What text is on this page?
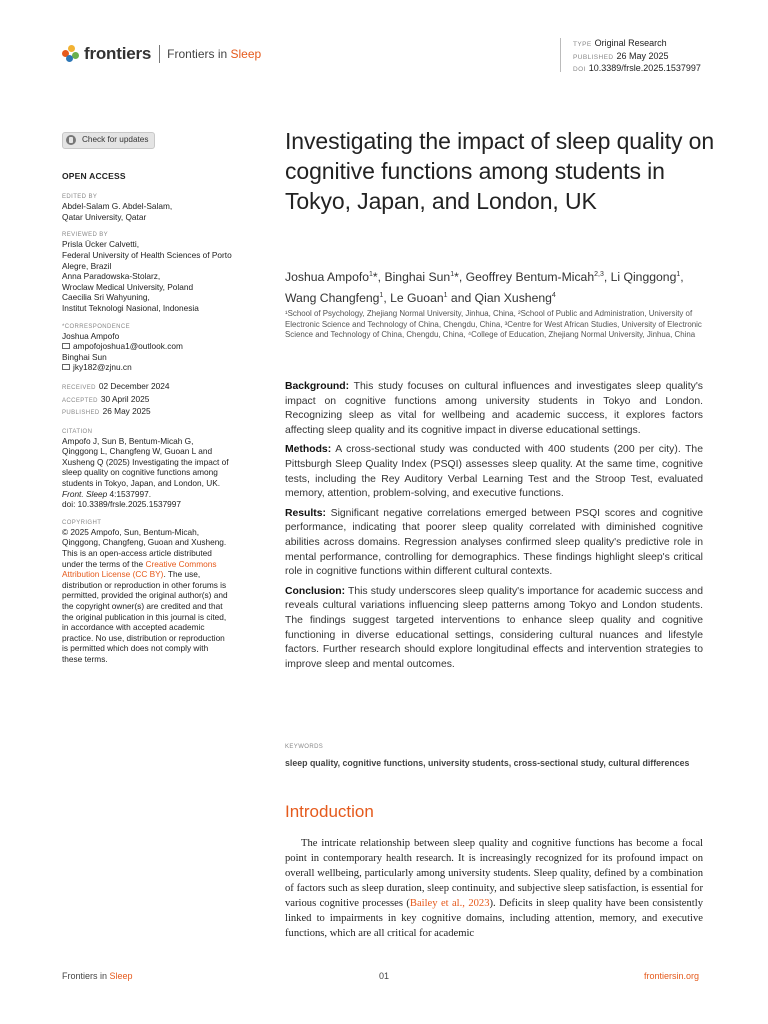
frontiers Frontiers in Sleep
TYPE Original Research
PUBLISHED 26 May 2025
DOI 10.3389/frsle.2025.1537997
Check for updates
OPEN ACCESS
EDITED BY
Abdel-Salam G. Abdel-Salam,
Qatar University, Qatar
REVIEWED BY
Prisla Ücker Calvetti,
Federal University of Health Sciences of Porto
Alegre, Brazil
Anna Paradowska-Stolarz,
Wroclaw Medical University, Poland
Caecilia Sri Wahyuning,
Institut Teknologi Nasional, Indonesia
*CORRESPONDENCE
Joshua Ampofo
ampofojoshua1@outlook.com
Binghai Sun
jky182@zjnu.cn
RECEIVED 02 December 2024
ACCEPTED 30 April 2025
PUBLISHED 26 May 2025
CITATION
Ampofo J, Sun B, Bentum-Micah G,
Qinggong L, Changfeng W, Guoan L and
Xusheng Q (2025) Investigating the impact of
sleep quality on cognitive functions among
students in Tokyo, Japan, and London, UK.
Front. Sleep 4:1537997.
doi: 10.3389/frsle.2025.1537997
COPYRIGHT
© 2025 Ampofo, Sun, Bentum-Micah,
Qinggong, Changfeng, Guoan and Xusheng.
This is an open-access article distributed
under the terms of the Creative Commons
Attribution License (CC BY). The use,
distribution or reproduction in other forums is
permitted, provided the original author(s) and
the copyright owner(s) are credited and that
the original publication in this journal is cited,
in accordance with accepted academic
practice. No use, distribution or reproduction
is permitted which does not comply with
these terms.
Investigating the impact of sleep quality on cognitive functions among students in Tokyo, Japan, and London, UK
Joshua Ampofo$^1$*, Binghai Sun$^1$*, Geoffrey Bentum-Micah$^{2,3}$, Li Qinggong$^1$, Wang Changfeng$^1$, Le Guoan$^1$ and Qian Xusheng$^4$
¹School of Psychology, Zhejiang Normal University, Jinhua, China, ²School of Public and Administration, University of Electronic Science and Technology of China, Chengdu, China, ³Centre for West African Studies, University of Electronic Science and Technology of China, Chengdu, China, ⁴College of Education, Zhejiang Normal University, Jinhua, China

Background: This study focuses on cultural influences and investigates sleep quality's impact on cognitive functions among university students in Tokyo and London. Recognizing sleep as vital for wellbeing and academic success, it explores factors affecting sleep quality and its cognitive impact in diverse educational settings.

Methods: A cross-sectional study was conducted with 400 students (200 per city). The Pittsburgh Sleep Quality Index (PSQI) assesses sleep quality. At the same time, cognitive tests, including the Rey Auditory Verbal Learning Test and the Stroop Test, evaluated memory, attention, problem-solving, and executive functions.

Results: Significant negative correlations emerged between PSQI scores and cognitive performance, indicating that poorer sleep quality correlated with diminished cognitive abilities across domains. Regression analyses confirmed sleep quality's predictive role in mental performance, controlling for demographics. These findings highlight sleep's critical role in cognitive functions within different cultural contexts.

Conclusion: This study underscores sleep quality's importance for academic success and reveals cultural variations influencing sleep patterns among Tokyo and London students. The findings suggest targeted interventions to enhance sleep quality and cognitive functioning in diverse educational settings, considering cultural nuances and lifestyle factors. Further research should explore longitudinal effects and intervention strategies to improve sleep and mental outcomes.

KEYWORDS
sleep quality, cognitive functions, university students, cross-sectional study, cultural differences
Introduction
The intricate relationship between sleep quality and cognitive functions has become a focal point in contemporary health research. It is increasingly recognized for its profound impact on overall wellbeing, particularly among university students. Sleep quality, defined by a combination of factors such as sleep duration, sleep continuity, and subjective sleep satisfaction, is essential for various cognitive processes (Bailey et al., 2023). Deficits in sleep quality have been consistently linked to impairments in key cognitive domains, including attention, memory, and executive functions, which are all critical for academic
Frontiers in Sleep	01	frontiersin.org
